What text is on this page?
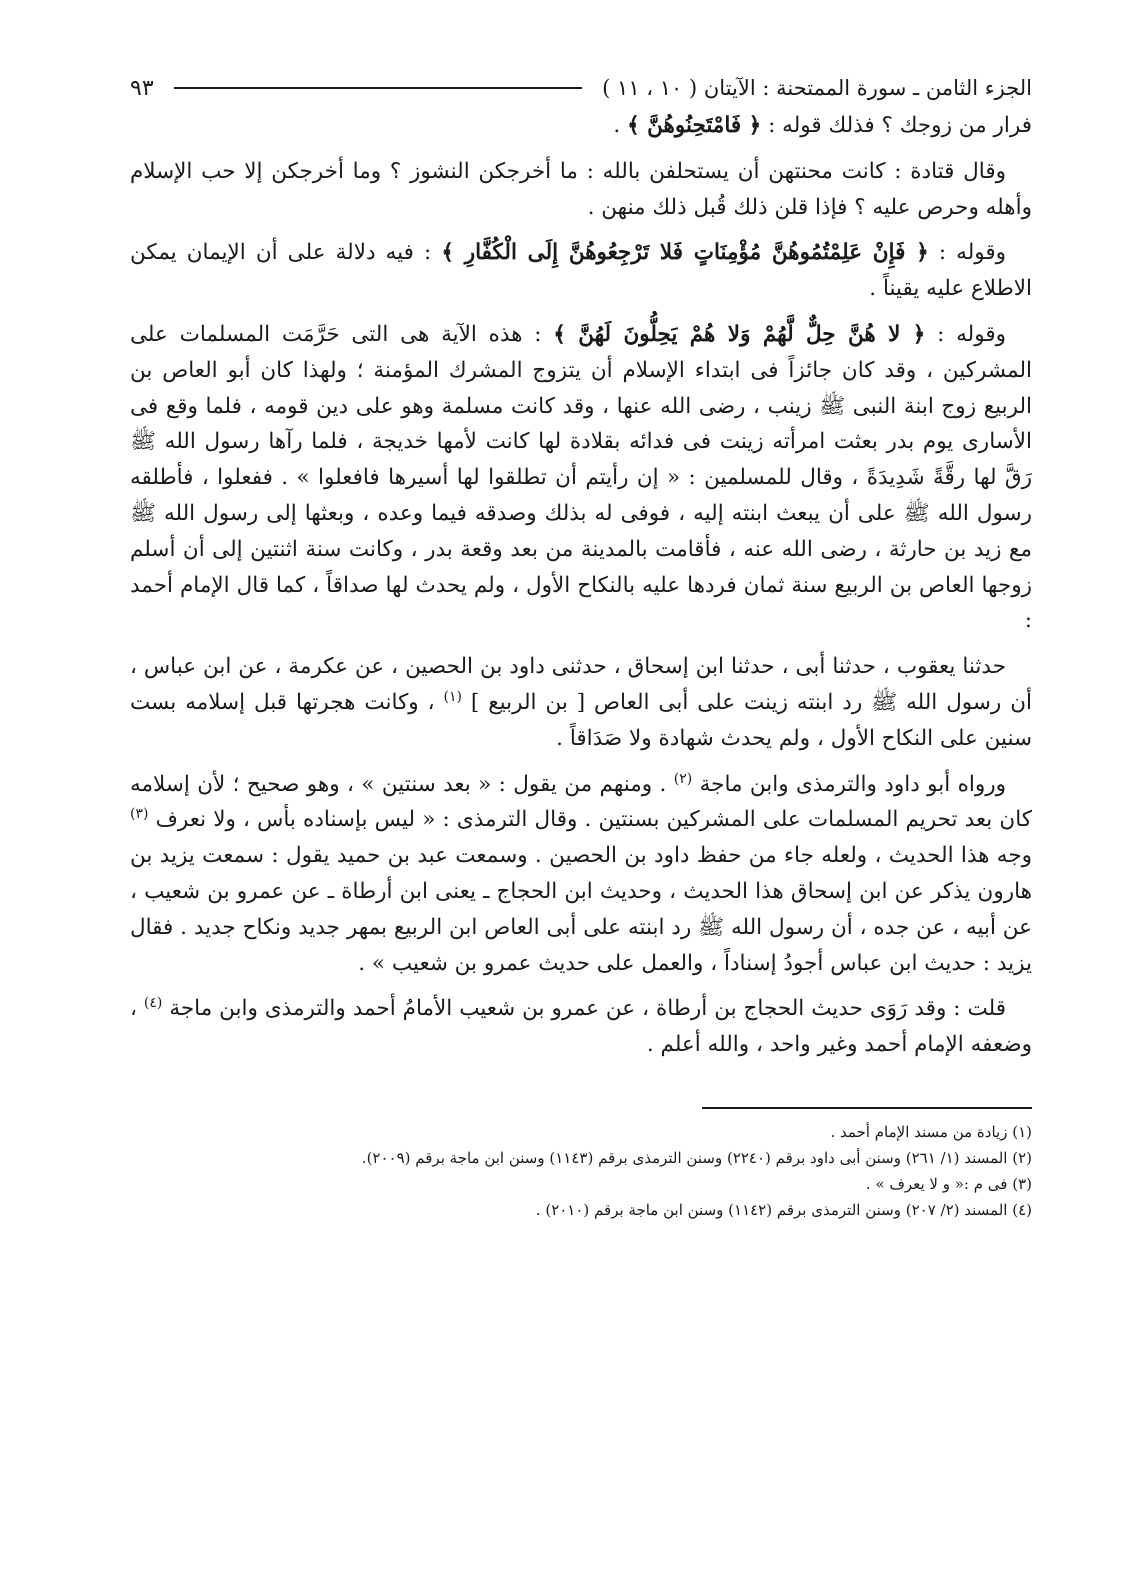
الجزء الثامن ـ سورة الممتحنة : الآيتان ( ١٠ ، ١١ )
٩٣

فرار من زوجك ؟ فذلك قوله : ﴿ فَامْتَحِنُوهُنَّ ﴾ .

وقال قتادة : كانت محنتهن أن يستحلفن بالله : ما أخرجكن النشوز ؟ وما أخرجكن إلا حب الإسلام وأهله وحرص عليه ؟ فإذا قلن ذلك قُبل ذلك منهن .

وقوله : ﴿ فَإِنْ عَلِمْتُمُوهُنَّ مُؤْمِنَاتٍ فَلا تَرْجِعُوهُنَّ إِلَى الْكُفَّارِ ﴾ : فيه دلالة على أن الإيمان يمكن الاطلاع عليه يقيناً .

وقوله : ﴿ لا هُنَّ حِلٌّ لَّهُمْ وَلا هُمْ يَحِلُّونَ لَهُنَّ ﴾ : هذه الآية هى التى حَرَّمَت المسلمات على المشركين ، وقد كان جائزاً فى ابتداء الإسلام أن يتزوج المشرك المؤمنة ؛ ولهذا كان أبو العاص بن الربيع زوج ابنة النبى ﷺ زينب ، رضى الله عنها ، وقد كانت مسلمة وهو على دين قومه ، فلما وقع فى الأسارى يوم بدر بعثت امرأته زينت فى فدائه بقلادة لها كانت لأمها خديجة ، فلما رآها رسول الله ﷺ رَقَّ لها رقَّةً شَدِيدَةً ، وقال للمسلمين : « إن رأيتم أن تطلقوا لها أسيرها فافعلوا » . ففعلوا ، فأطلقه رسول الله ﷺ على أن يبعث ابنته إليه ، فوفى له بذلك وصدقه فيما وعده ، وبعثها إلى رسول الله ﷺ مع زيد بن حارثة ، رضى الله عنه ، فأقامت بالمدينة من بعد وقعة بدر ، وكانت سنة اثنتين إلى أن أسلم زوجها العاص بن الربيع سنة ثمان فردها عليه بالنكاح الأول ، ولم يحدث لها صداقاً ، كما قال الإمام أحمد :

حدثنا يعقوب ، حدثنا أبى ، حدثنا ابن إسحاق ، حدثنى داود بن الحصين ، عن عكرمة ، عن ابن عباس ، أن رسول الله ﷺ رد ابنته زينت على أبى العاص [ بن الربيع ] $^{(١)}$ ، وكانت هجرتها قبل إسلامه بست سنين على النكاح الأول ، ولم يحدث شهادة ولا صَدَاقاً .

ورواه أبو داود والترمذى وابن ماجة $^{(٢)}$ . ومنهم من يقول : « بعد سنتين » ، وهو صحيح ؛ لأن إسلامه كان بعد تحريم المسلمات على المشركين بسنتين . وقال الترمذى : « ليس بإسناده بأس ، ولا نعرف $^{(٣)}$ وجه هذا الحديث ، ولعله جاء من حفظ داود بن الحصين . وسمعت عبد بن حميد يقول : سمعت يزيد بن هارون يذكر عن ابن إسحاق هذا الحديث ، وحديث ابن الحجاج ـ يعنى ابن أرطاة ـ عن عمرو بن شعيب ، عن أبيه ، عن جده ، أن رسول الله ﷺ رد ابنته على أبى العاص ابن الربيع بمهر جديد ونكاح جديد . فقال يزيد : حديث ابن عباس أجودُ إسناداً ، والعمل على حديث عمرو بن شعيب » .

قلت : وقد رَوَى حديث الحجاج بن أرطاة ، عن عمرو بن شعيب الأمامُ أحمد والترمذى وابن ماجة $^{(٤)}$ ، وضعفه الإمام أحمد وغير واحد ، والله أعلم .

(١) زيادة من مسند الإمام أحمد .
(٢) المسند (١/ ٢٦١) وسنن أبى داود برقم (٢٢٤٠) وسنن الترمذى برقم (١١٤٣) وسنن ابن ماجة برقم (٢٠٠٩).
(٣) فى م :« و لا يعرف » .
(٤) المسند (٢/ ٢٠٧) وسنن الترمذى برقم (١١٤٢) وسنن ابن ماجة برقم (٢٠١٠) .
